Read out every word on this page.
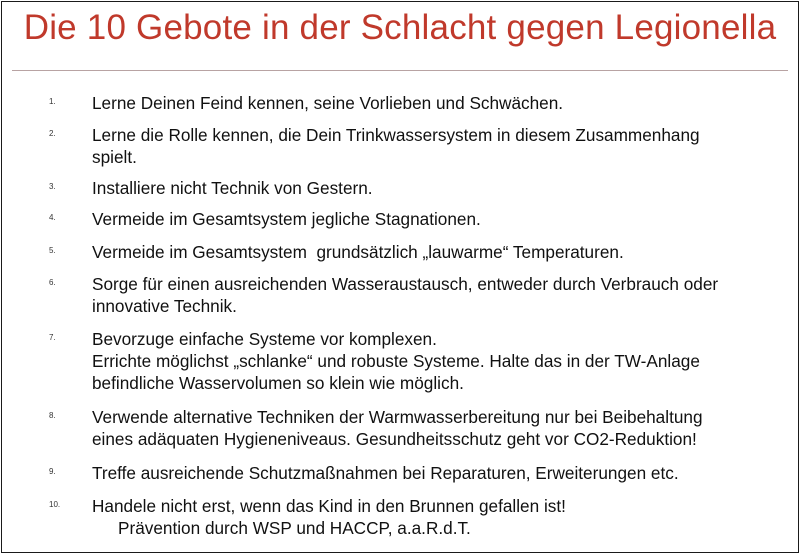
Die 10 Gebote in der Schlacht gegen Legionella
1. Lerne Deinen Feind kennen, seine Vorlieben und Schwächen.
2. Lerne die Rolle kennen, die Dein Trinkwassersystem in diesem Zusammenhang
spielt.
3. Installiere nicht Technik von Gestern.
4. Vermeide im Gesamtsystem jegliche Stagnationen.
5. Vermeide im Gesamtsystem  grundsätzlich „lauwarme“ Temperaturen.
6. Sorge für einen ausreichenden Wasseraustausch, entweder durch Verbrauch oder
innovative Technik.
7. Bevorzuge einfache Systeme vor komplexen.
Errichte möglichst „schlanke“ und robuste Systeme. Halte das in der TW-Anlage
befindliche Wasservolumen so klein wie möglich.
8. Verwende alternative Techniken der Warmwasserbereitung nur bei Beibehaltung
eines adäquaten Hygieneniveaus. Gesundheitsschutz geht vor CO2-Reduktion!
9. Treffe ausreichende Schutzmaßnahmen bei Reparaturen, Erweiterungen etc.
10. Handele nicht erst, wenn das Kind in den Brunnen gefallen ist!
Prävention durch WSP und HACCP, a.a.R.d.T.
